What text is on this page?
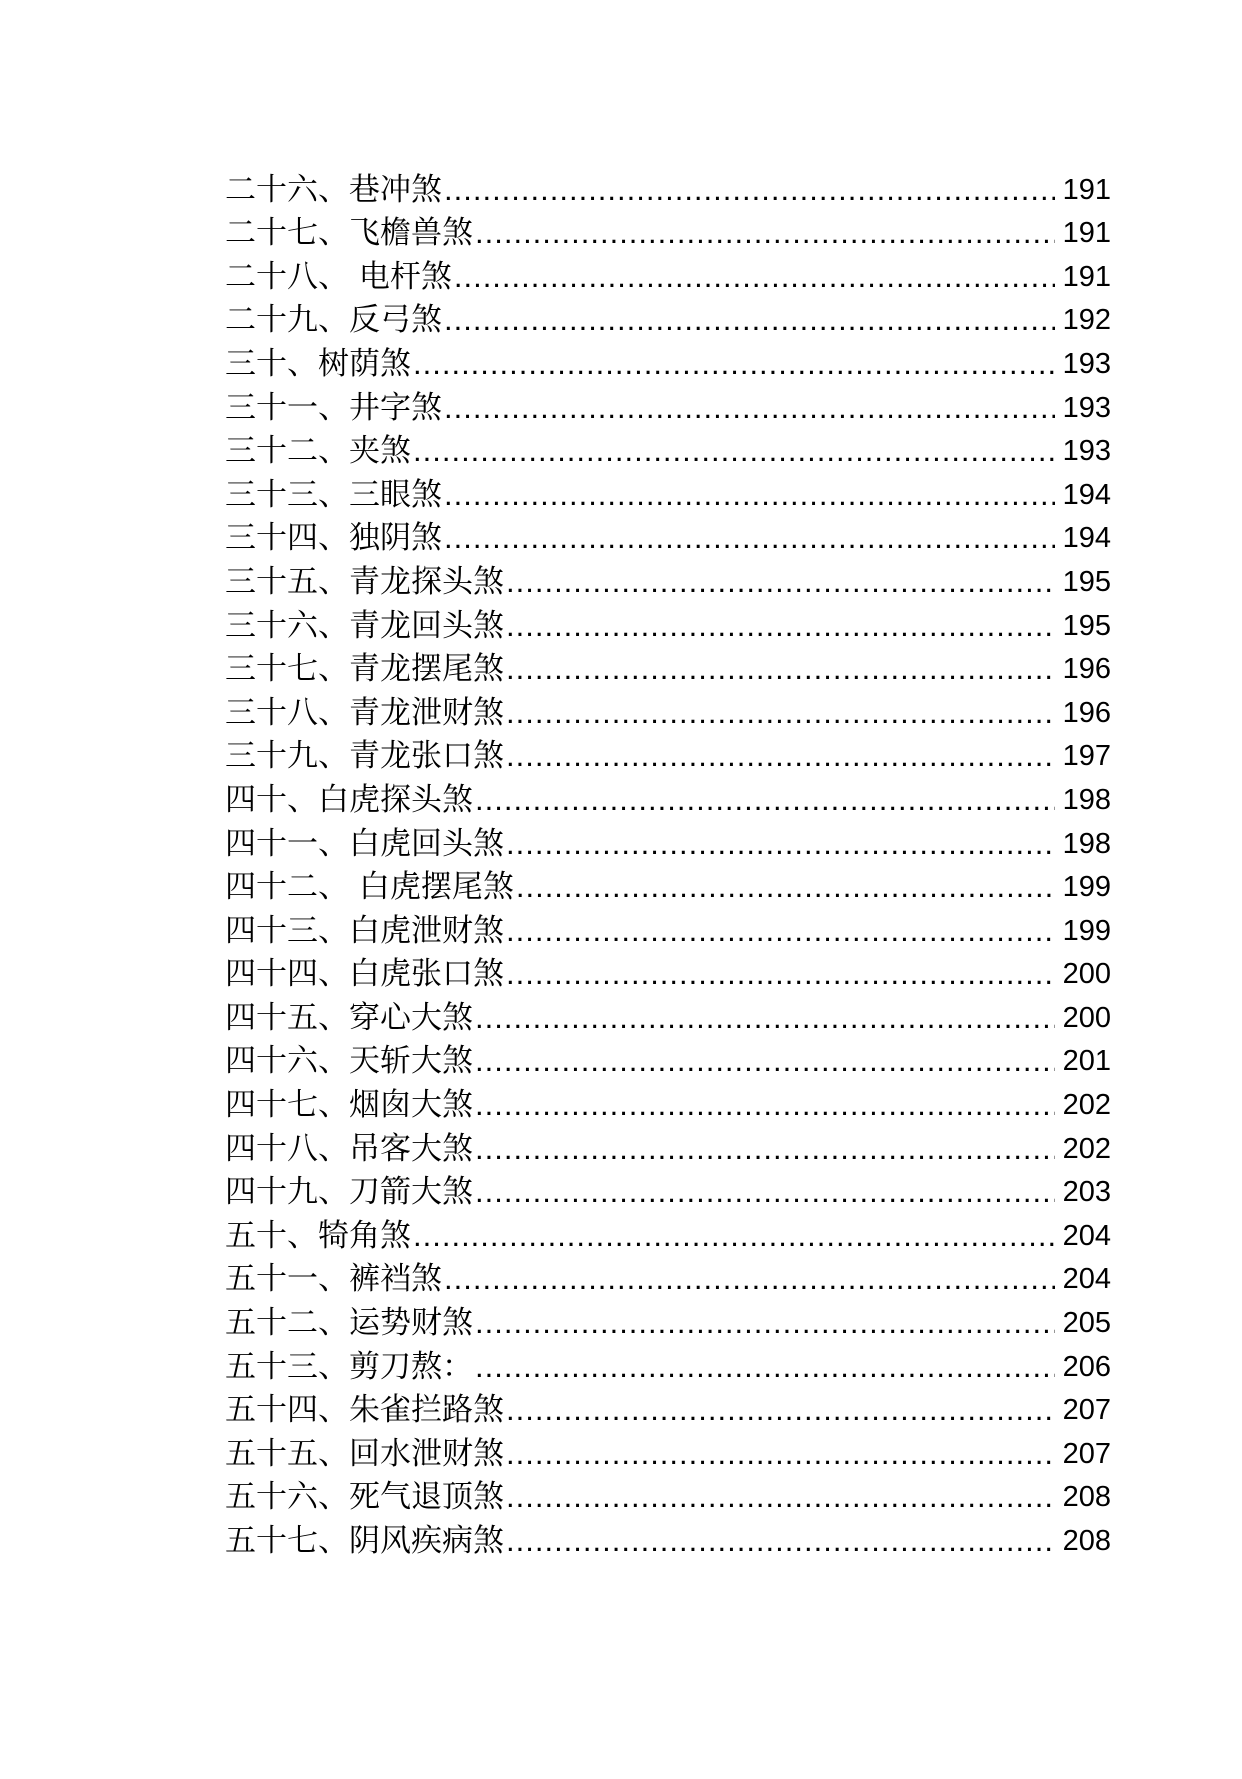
二十六、巷冲煞 .....	191
二十七、飞檐兽煞 .....	191
二十八、 电杆煞 .....	191
二十九、反弓煞 .....	192
三十、树荫煞 .....	193
三十一、井字煞 .....	193
三十二、夹煞 .....	193
三十三、三眼煞 .....	194
三十四、独阴煞 .....	194
三十五、青龙探头煞 .....	195
三十六、青龙回头煞 .....	195
三十七、青龙摆尾煞 .....	196
三十八、青龙泄财煞 .....	196
三十九、青龙张口煞 .....	197
四十、白虎探头煞 .....	198
四十一、白虎回头煞 .....	198
四十二、 白虎摆尾煞 .....	199
四十三、白虎泄财煞 .....	199
四十四、白虎张口煞 .....	200
四十五、穿心大煞 .....	200
四十六、天斩大煞 .....	201
四十七、烟囱大煞 .....	202
四十八、吊客大煞 .....	202
四十九、刀箭大煞 .....	203
五十、犄角煞 .....	204
五十一、裤裆煞 .....	204
五十二、运势财煞 .....	205
五十三、剪刀熬： .....	206
五十四、朱雀拦路煞 .....	207
五十五、回水泄财煞 .....	207
五十六、死气退顶煞 .....	208
五十七、阴风疾病煞 .....	208
